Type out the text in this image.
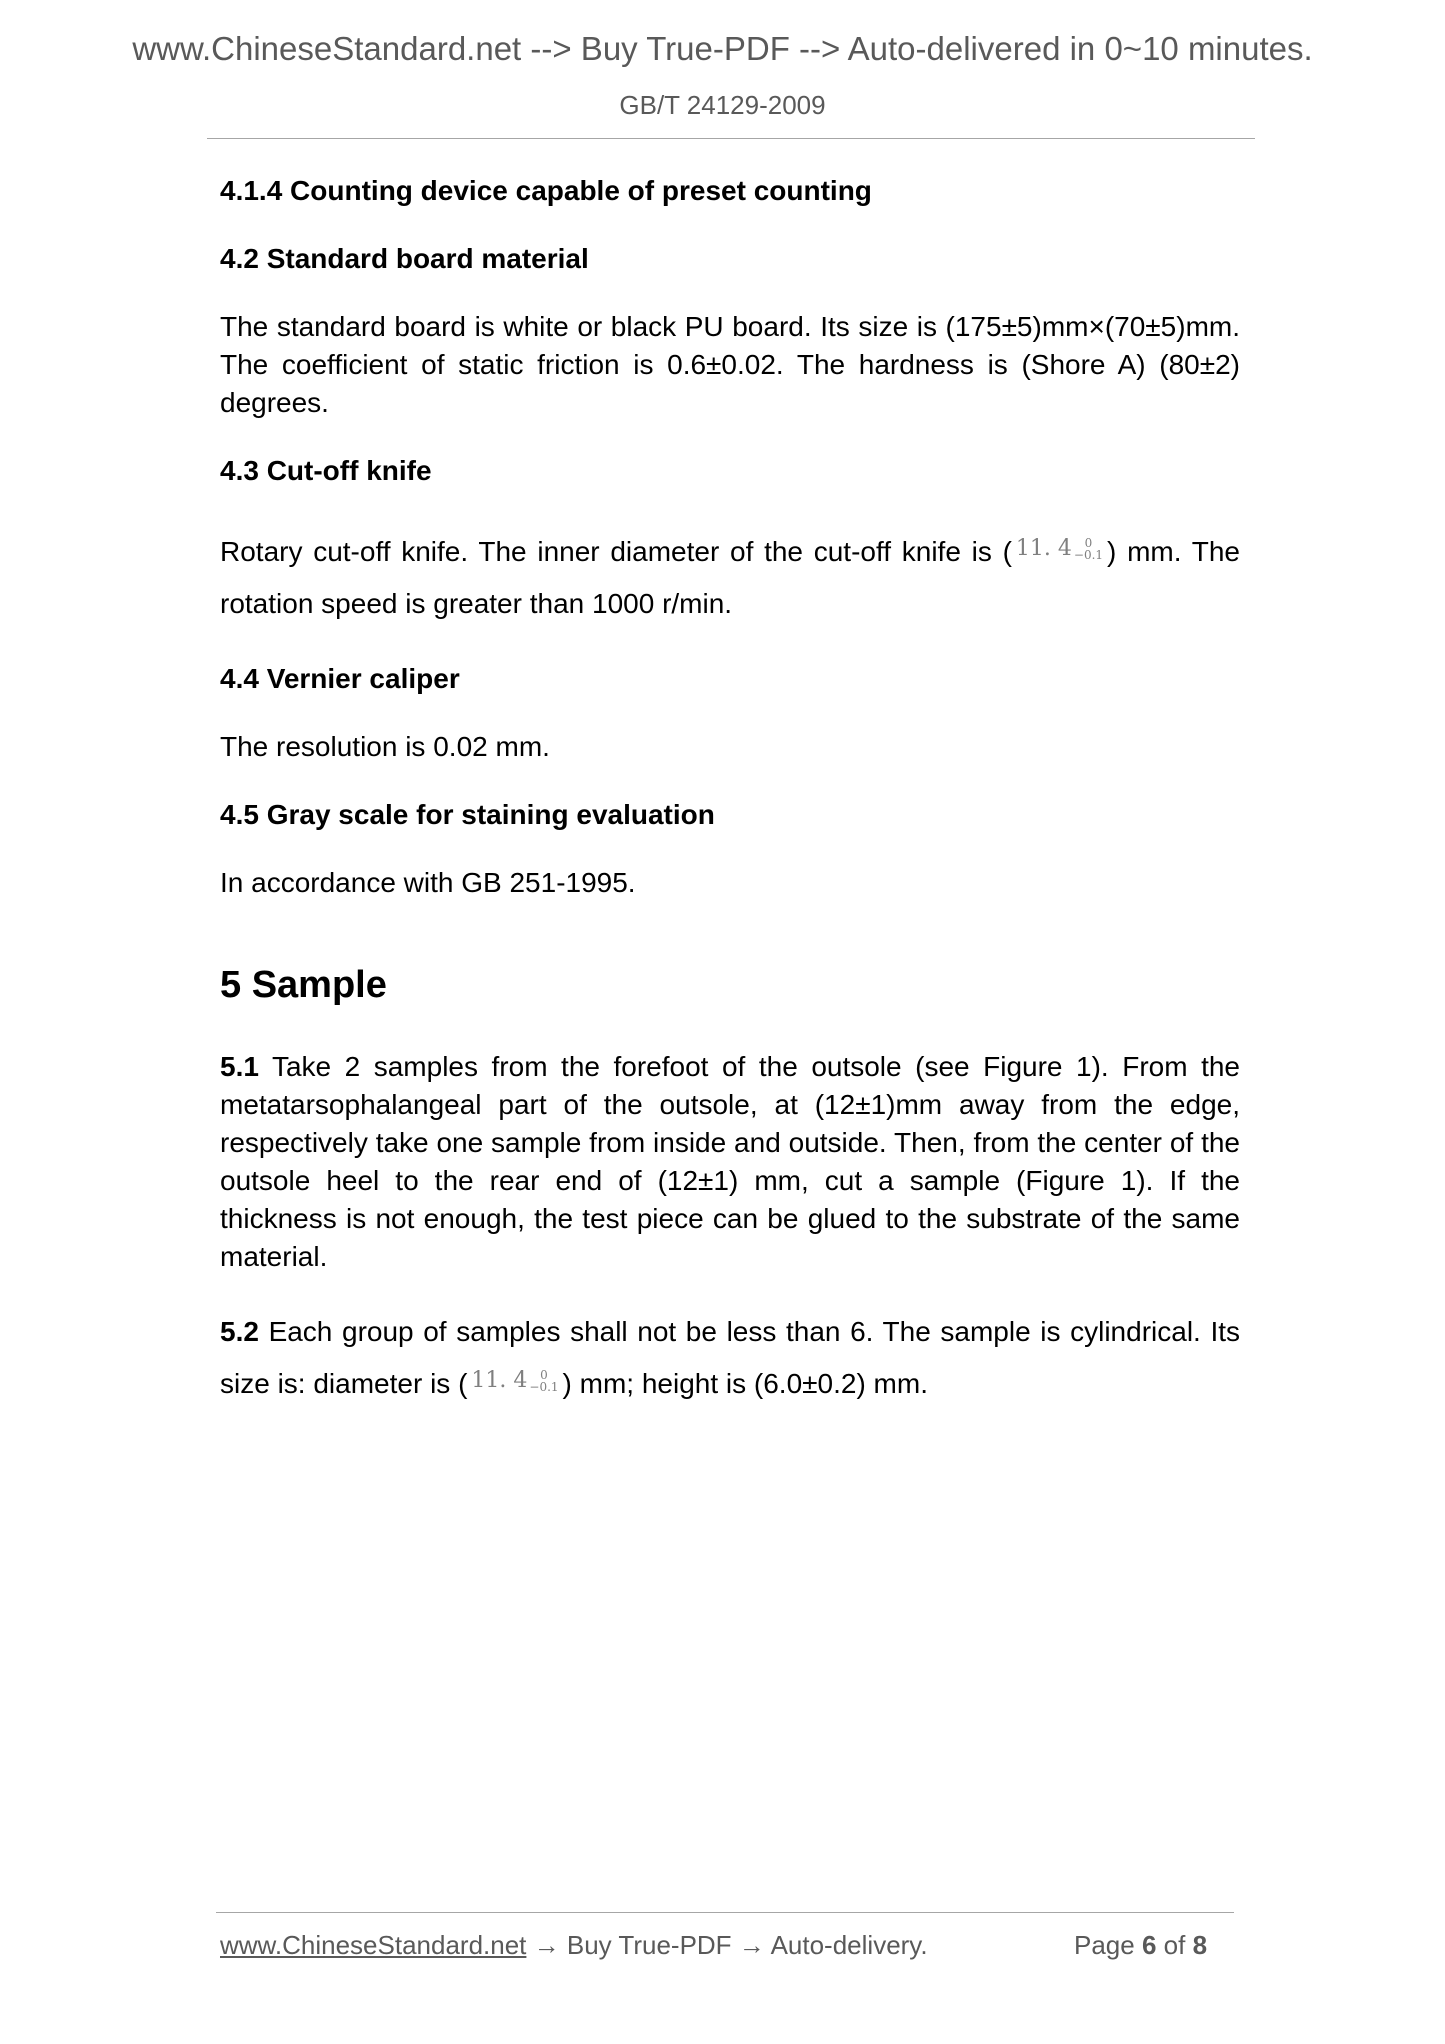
www.ChineseStandard.net --> Buy True-PDF --> Auto-delivered in 0~10 minutes.
GB/T 24129-2009

4.1.4 Counting device capable of preset counting

4.2 Standard board material

The standard board is white or black PU board. Its size is (175±5)mm×(70±5)mm. The coefficient of static friction is 0.6±0.02. The hardness is (Shore A) (80±2) degrees.

4.3 Cut-off knife

Rotary cut-off knife. The inner diameter of the cut-off knife is ( 11. 4	0
−0.1 ) mm. The rotation speed is greater than 1000 r/min.

4.4 Vernier caliper

The resolution is 0.02 mm.

4.5 Gray scale for staining evaluation

In accordance with GB 251-1995.

5 Sample

5.1 Take 2 samples from the forefoot of the outsole (see Figure 1). From the metatarsophalangeal part of the outsole, at (12±1)mm away from the edge, respectively take one sample from inside and outside. Then, from the center of the outsole heel to the rear end of (12±1) mm, cut a sample (Figure 1). If the thickness is not enough, the test piece can be glued to the substrate of the same material.

5.2 Each group of samples shall not be less than 6. The sample is cylindrical. Its size is: diameter is ( 11. 4	0
−0.1 ) mm; height is (6.0±0.2) mm.

www.ChineseStandard.net → Buy True-PDF → Auto-delivery.	Page 6 of 8
